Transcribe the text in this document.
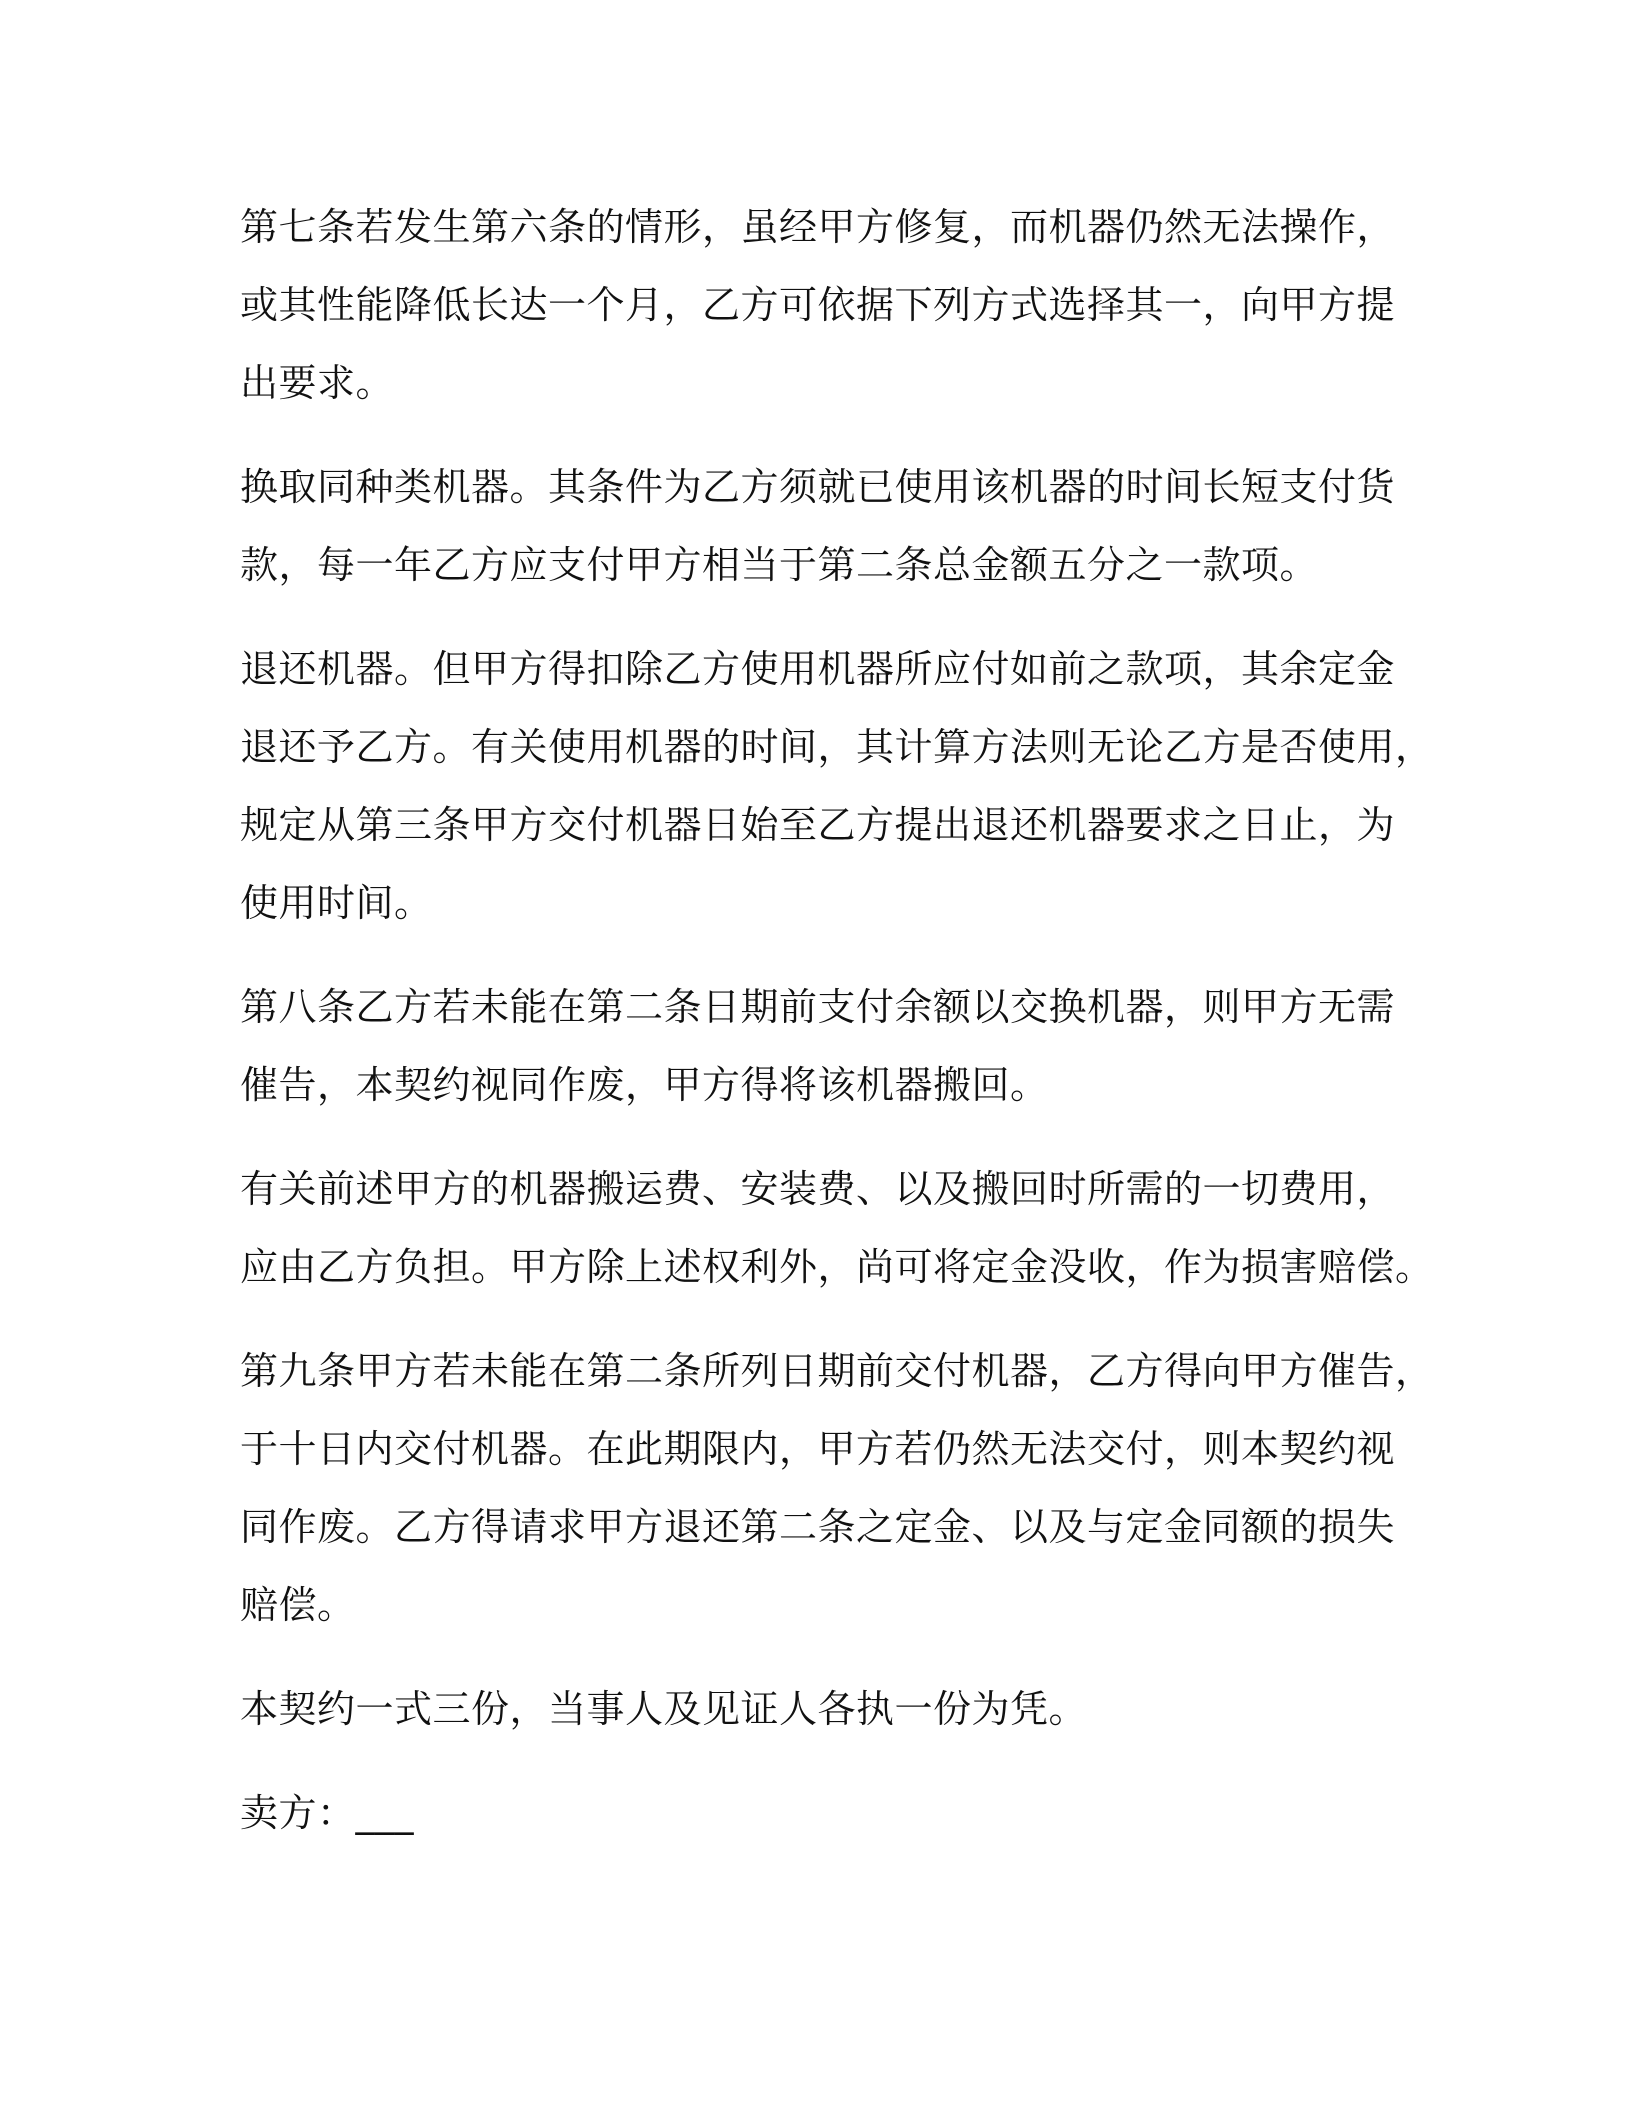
第七条若发生第六条的情形，虽经甲方修复，而机器仍然无法操作，
或其性能降低长达一个月，乙方可依据下列方式选择其一，向甲方提
出要求。

换取同种类机器。其条件为乙方须就已使用该机器的时间长短支付货
款，每一年乙方应支付甲方相当于第二条总金额五分之一款项。

退还机器。但甲方得扣除乙方使用机器所应付如前之款项，其余定金
退还予乙方。有关使用机器的时间，其计算方法则无论乙方是否使用，
规定从第三条甲方交付机器日始至乙方提出退还机器要求之日止，为
使用时间。

第八条乙方若未能在第二条日期前支付余额以交换机器，则甲方无需
催告，本契约视同作废，甲方得将该机器搬回。

有关前述甲方的机器搬运费、安装费、以及搬回时所需的一切费用，
应由乙方负担。甲方除上述权利外，尚可将定金没收，作为损害赔偿。

第九条甲方若未能在第二条所列日期前交付机器，乙方得向甲方催告，
于十日内交付机器。在此期限内，甲方若仍然无法交付，则本契约视
同作废。乙方得请求甲方退还第二条之定金、以及与定金同额的损失
赔偿。

本契约一式三份，当事人及见证人各执一份为凭。

卖方：___
